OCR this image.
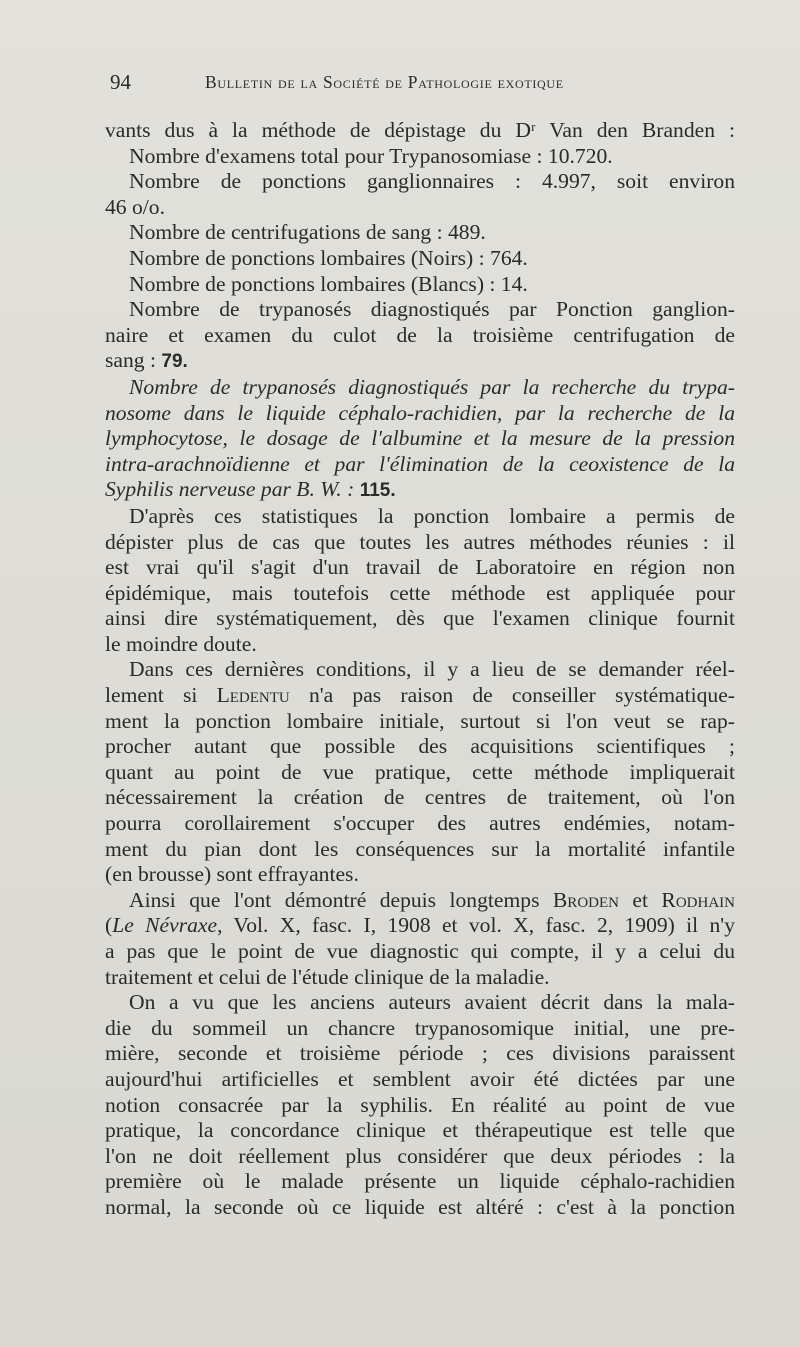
94	Bulletin de la Société de Pathologie exotique

vants dus à la méthode de dépistage du Dʳ Van den Branden :

Nombre d'examens total pour Trypanosomiase : 10.720.

Nombre de ponctions ganglionnaires : 4.997, soit environ
46 o/o.

Nombre de centrifugations de sang : 489.

Nombre de ponctions lombaires (Noirs) : 764.

Nombre de ponctions lombaires (Blancs) : 14.

Nombre de trypanosés diagnostiqués par Ponction ganglion-
naire et examen du culot de la troisième centrifugation de
sang : 79.

Nombre de trypanosés diagnostiqués par la recherche du trypa-
nosome dans le liquide céphalo-rachidien, par la recherche de la
lymphocytose, le dosage de l'albumine et la mesure de la pression
intra-arachnoïdienne et par l'élimination de la ceoxistence de la
Syphilis nerveuse par B. W. : 115.

D'après ces statistiques la ponction lombaire a permis de
dépister plus de cas que toutes les autres méthodes réunies : il
est vrai qu'il s'agit d'un travail de Laboratoire en région non
épidémique, mais toutefois cette méthode est appliquée pour
ainsi dire systématiquement, dès que l'examen clinique fournit
le moindre doute.

Dans ces dernières conditions, il y a lieu de se demander réel-
lement si Ledentu n'a pas raison de conseiller systématique-
ment la ponction lombaire initiale, surtout si l'on veut se rap-
procher autant que possible des acquisitions scientifiques ;
quant au point de vue pratique, cette méthode impliquerait
nécessairement la création de centres de traitement, où l'on
pourra corollairement s'occuper des autres endémies, notam-
ment du pian dont les conséquences sur la mortalité infantile
(en brousse) sont effrayantes.

Ainsi que l'ont démontré depuis longtemps Broden et Rodhain
(Le Névraxe, Vol. X, fasc. I, 1908 et vol. X, fasc. 2, 1909) il n'y
a pas que le point de vue diagnostic qui compte, il y a celui du
traitement et celui de l'étude clinique de la maladie.

On a vu que les anciens auteurs avaient décrit dans la mala-
die du sommeil un chancre trypanosomique initial, une pre-
mière, seconde et troisième période ; ces divisions paraissent
aujourd'hui artificielles et semblent avoir été dictées par une
notion consacrée par la syphilis. En réalité au point de vue
pratique, la concordance clinique et thérapeutique est telle que
l'on ne doit réellement plus considérer que deux périodes : la
première où le malade présente un liquide céphalo-rachidien
normal, la seconde où ce liquide est altéré : c'est à la ponction
